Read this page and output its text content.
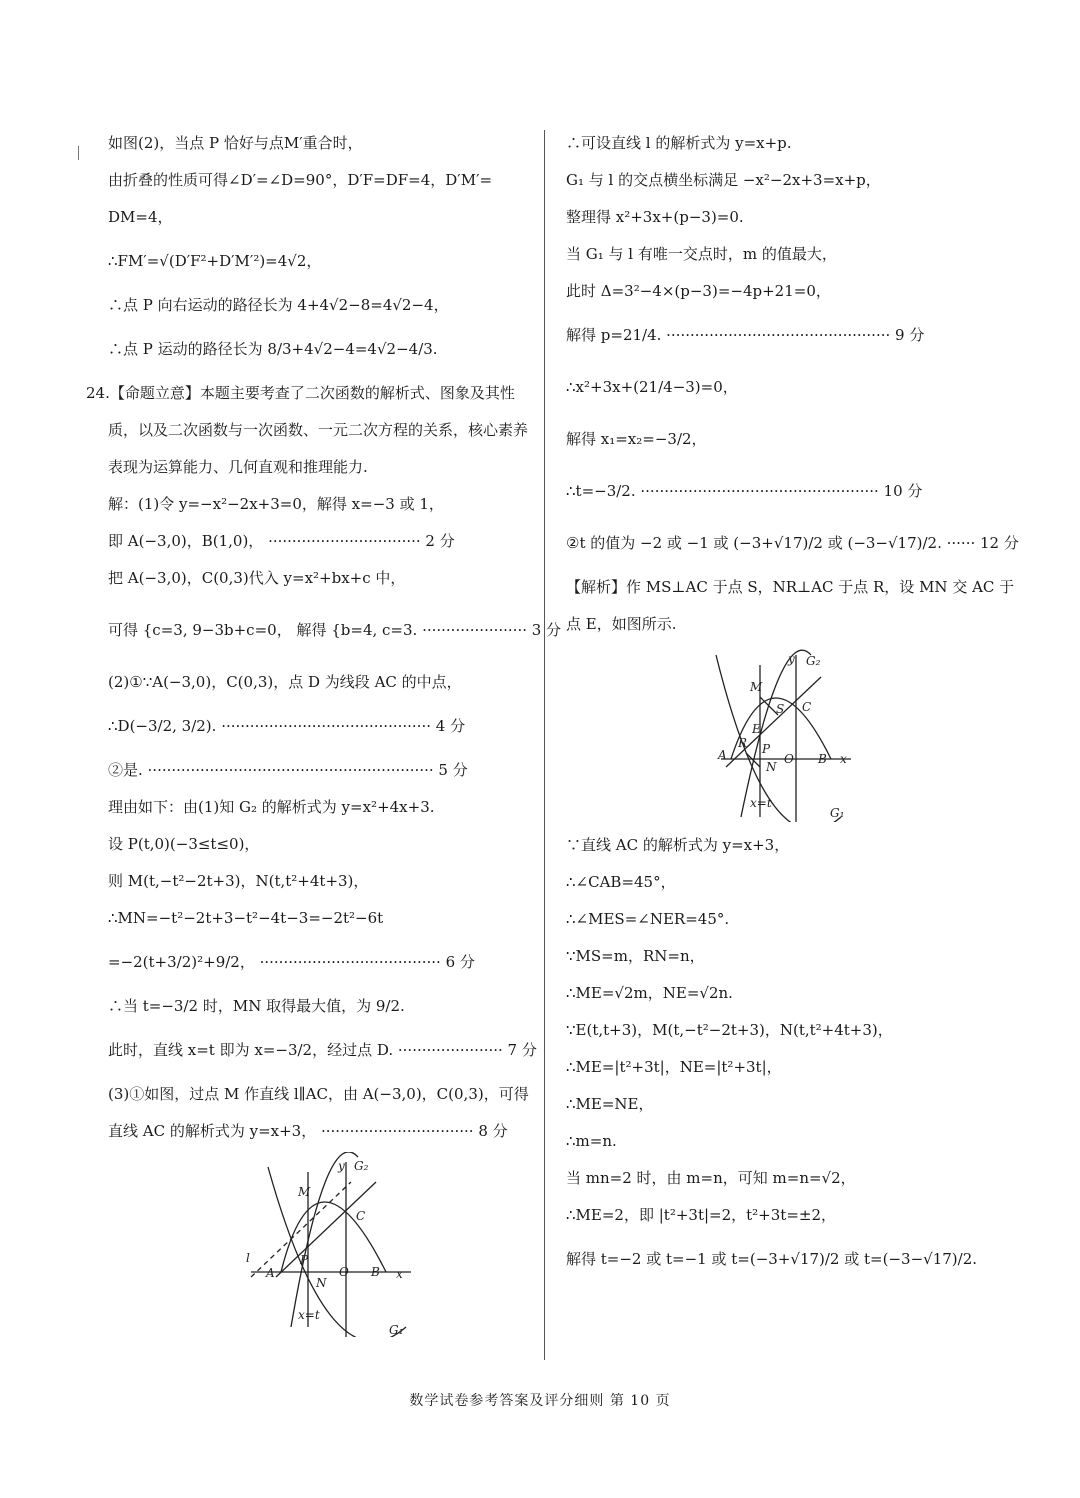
如图(2)，当点 P 恰好与点M′重合时，
由折叠的性质可得∠D′=∠D=90°，D′F=DF=4，D′M′=
DM=4，
∴FM′=√(D′F²+D′M′²)=4√2，
∴点 P 向右运动的路径长为 4+4√2−8=4√2−4，
∴点 P 运动的路径长为 8/3+4√2−4=4√2−4/3.
24.【命题立意】本题主要考查了二次函数的解析式、图象及其性
质，以及二次函数与一次函数、一元二次方程的关系，核心素养
表现为运算能力、几何直观和推理能力.
解：(1)令 y=−x²−2x+3=0，解得 x=−3 或 1，
即 A(−3,0)，B(1,0)， ································ 2 分
把 A(−3,0)，C(0,3)代入 y=x²+bx+c 中，
可得 {c=3, 9−3b+c=0， 解得 {b=4, c=3. ······················ 3 分
(2)①∵A(−3,0)，C(0,3)，点 D 为线段 AC 的中点，
∴D(−3/2, 3/2). ············································ 4 分
②是. ···························································· 5 分
理由如下：由(1)知 G₂ 的解析式为 y=x²+4x+3.
设 P(t,0)(−3≤t≤0)，
则 M(t,−t²−2t+3)，N(t,t²+4t+3)，
∴MN=−t²−2t+3−t²−4t−3=−2t²−6t
=−2(t+3/2)²+9/2， ······································ 6 分
∴当 t=−3/2 时，MN 取得最大值，为 9/2.
此时，直线 x=t 即为 x=−3/2，经过点 D. ······················ 7 分
(3)①如图，过点 M 作直线 l∥AC，由 A(−3,0)，C(0,3)，可得
直线 AC 的解析式为 y=x+3， ································ 8 分
y G₂
M
C
l
A
P
O B x
N
x=t
G₁
∴可设直线 l 的解析式为 y=x+p.
G₁ 与 l 的交点横坐标满足 −x²−2x+3=x+p，
整理得 x²+3x+(p−3)=0.
当 G₁ 与 l 有唯一交点时，m 的值最大，
此时 Δ=3²−4×(p−3)=−4p+21=0，
解得 p=21/4. ··············································· 9 分
∴x²+3x+(21/4−3)=0，
解得 x₁=x₂=−3/2，
∴t=−3/2. ·················································· 10 分
②t 的值为 −2 或 −1 或 (−3+√17)/2 或 (−3−√17)/2. ······ 12 分
【解析】作 MS⊥AC 于点 S，NR⊥AC 于点 R，设 MN 交 AC 于
点 E，如图所示.
y G₂
M
C
S
E
R P
A	O B x
N
x=t
G₁
∵直线 AC 的解析式为 y=x+3，
∴∠CAB=45°，
∴∠MES=∠NER=45°.
∵MS=m，RN=n，
∴ME=√2m，NE=√2n.
∵E(t,t+3)，M(t,−t²−2t+3)，N(t,t²+4t+3)，
∴ME=|t²+3t|，NE=|t²+3t|，
∴ME=NE，
∴m=n.
当 mn=2 时，由 m=n，可知 m=n=√2，
∴ME=2，即 |t²+3t|=2，t²+3t=±2，
解得 t=−2 或 t=−1 或 t=(−3+√17)/2 或 t=(−3−√17)/2.
数学试卷参考答案及评分细则 第 10 页
